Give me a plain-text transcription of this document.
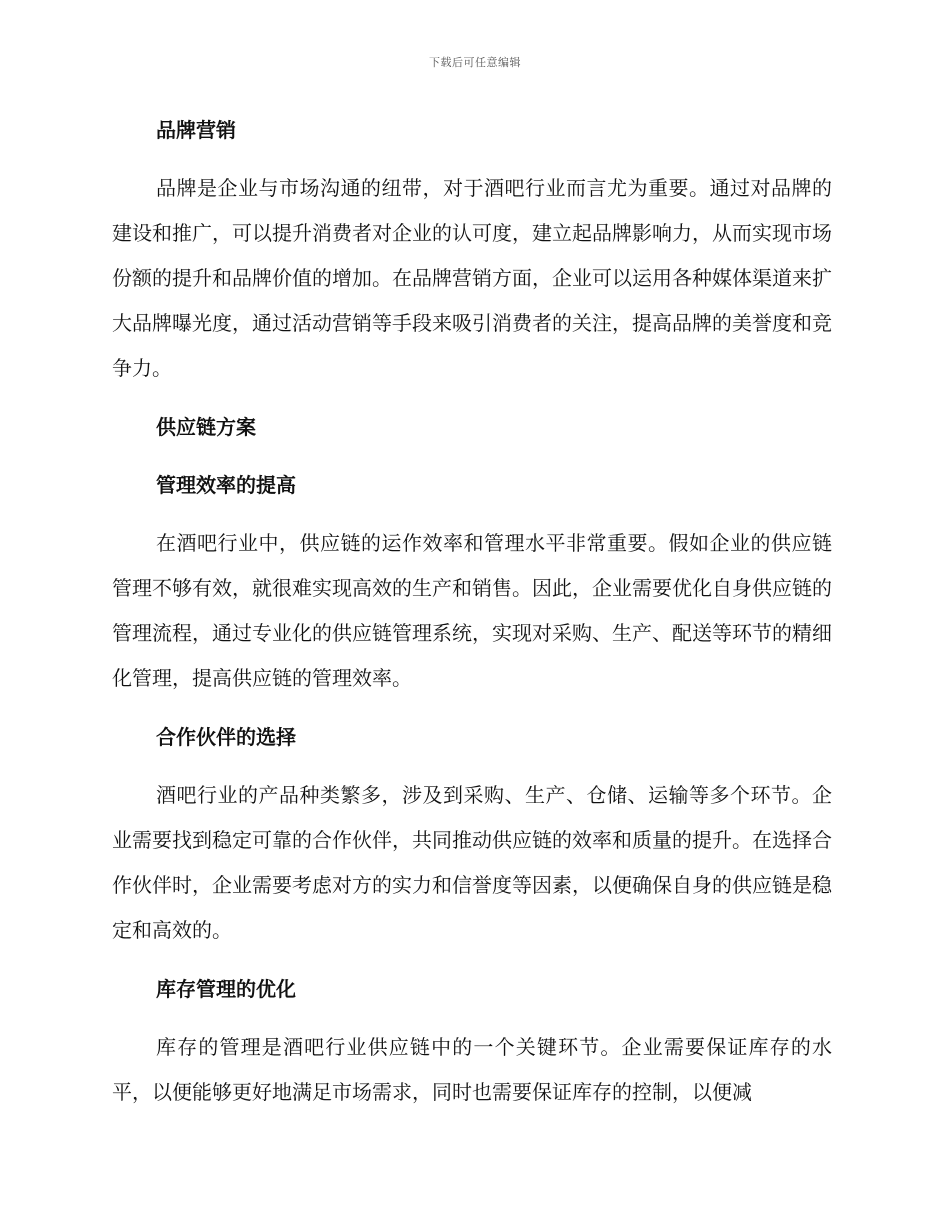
下载后可任意编辑
品牌营销

品牌是企业与市场沟通的纽带，对于酒吧行业而言尤为重要。通过对品牌的建设和推广，可以提升消费者对企业的认可度，建立起品牌影响力，从而实现市场份额的提升和品牌价值的增加。在品牌营销方面，企业可以运用各种媒体渠道来扩大品牌曝光度，通过活动营销等手段来吸引消费者的关注，提高品牌的美誉度和竞争力。

供应链方案
管理效率的提高

在酒吧行业中，供应链的运作效率和管理水平非常重要。假如企业的供应链管理不够有效，就很难实现高效的生产和销售。因此，企业需要优化自身供应链的管理流程，通过专业化的供应链管理系统，实现对采购、生产、配送等环节的精细化管理，提高供应链的管理效率。

合作伙伴的选择

酒吧行业的产品种类繁多，涉及到采购、生产、仓储、运输等多个环节。企业需要找到稳定可靠的合作伙伴，共同推动供应链的效率和质量的提升。在选择合作伙伴时，企业需要考虑对方的实力和信誉度等因素，以便确保自身的供应链是稳定和高效的。

库存管理的优化

库存的管理是酒吧行业供应链中的一个关键环节。企业需要保证库存的水平，以便能够更好地满足市场需求，同时也需要保证库存的控制，以便减
